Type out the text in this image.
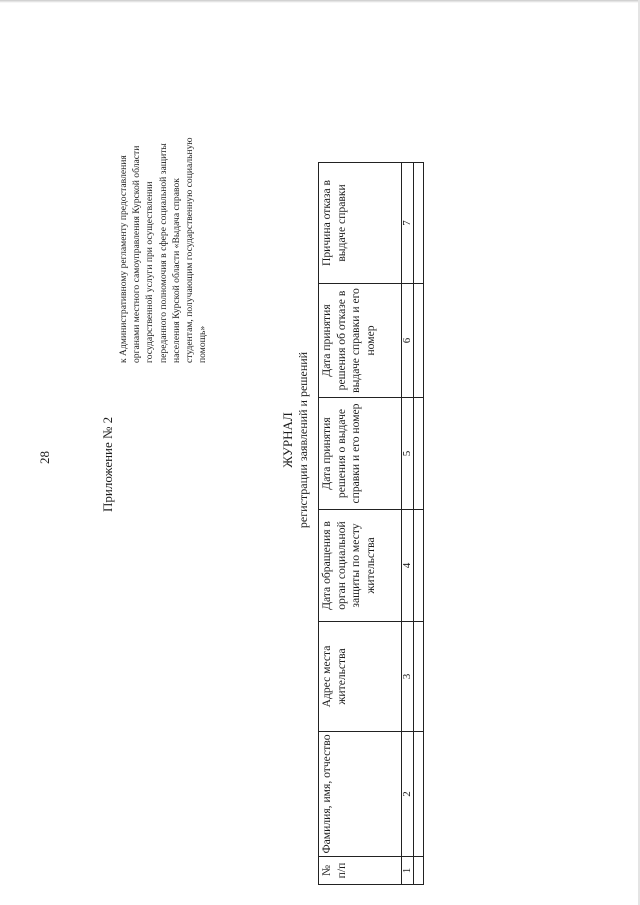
28	Приложение № 2
к Административному регламенту предоставления
органами местного самоуправления Курской области
государственной услуги при осуществлении
переданного полномочия в сфере социальной защиты
населения Курской области «Выдача справок
студентам, получающим государственную социальную
помощь»
ЖУРНАЛ регистрации заявлений и решений
№ п/п	Фамилия, имя, отчество	Адрес места жительства	Дата обращения в орган социальной защиты по месту жительства	Дата принятия решения о выдаче справки и его номер	Дата принятия решения об отказе в выдаче справки и его номер	Причина отказа в выдаче справки
1	2	3	4	5	6	7
